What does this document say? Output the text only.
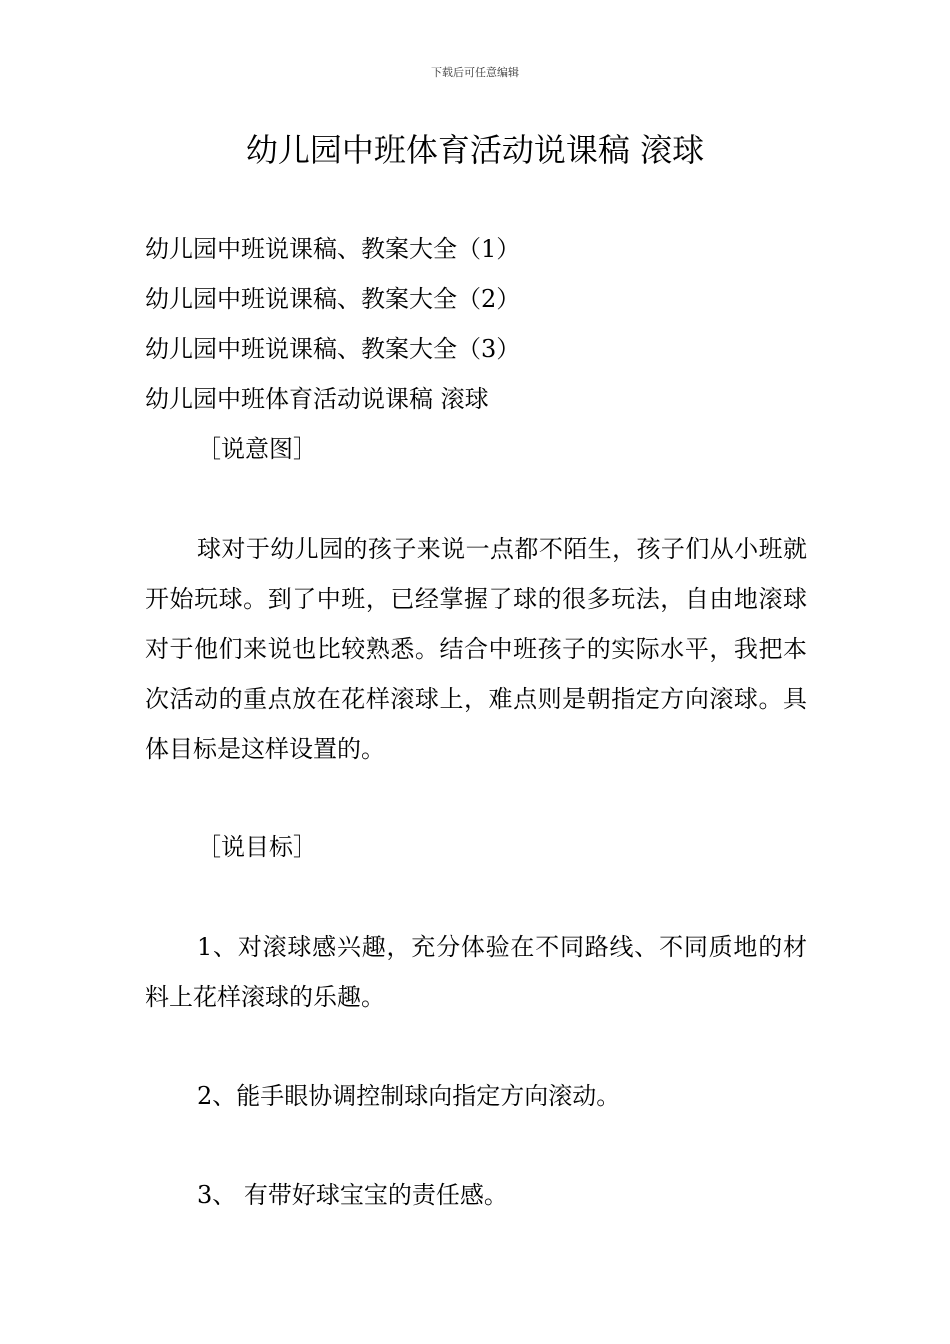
下载后可任意编辑
幼儿园中班体育活动说课稿 滚球
幼儿园中班说课稿、教案大全（1）
幼儿园中班说课稿、教案大全（2）
幼儿园中班说课稿、教案大全（3）
幼儿园中班体育活动说课稿 滚球

［说意图］

球对于幼儿园的孩子来说一点都不陌生，孩子们从小班就开始玩球。到了中班，已经掌握了球的很多玩法，自由地滚球对于他们来说也比较熟悉。结合中班孩子的实际水平，我把本次活动的重点放在花样滚球上，难点则是朝指定方向滚球。具体目标是这样设置的。

［说目标］

1、对滚球感兴趣，充分体验在不同路线、不同质地的材料上花样滚球的乐趣。

2、能手眼协调控制球向指定方向滚动。

3、 有带好球宝宝的责任感。
